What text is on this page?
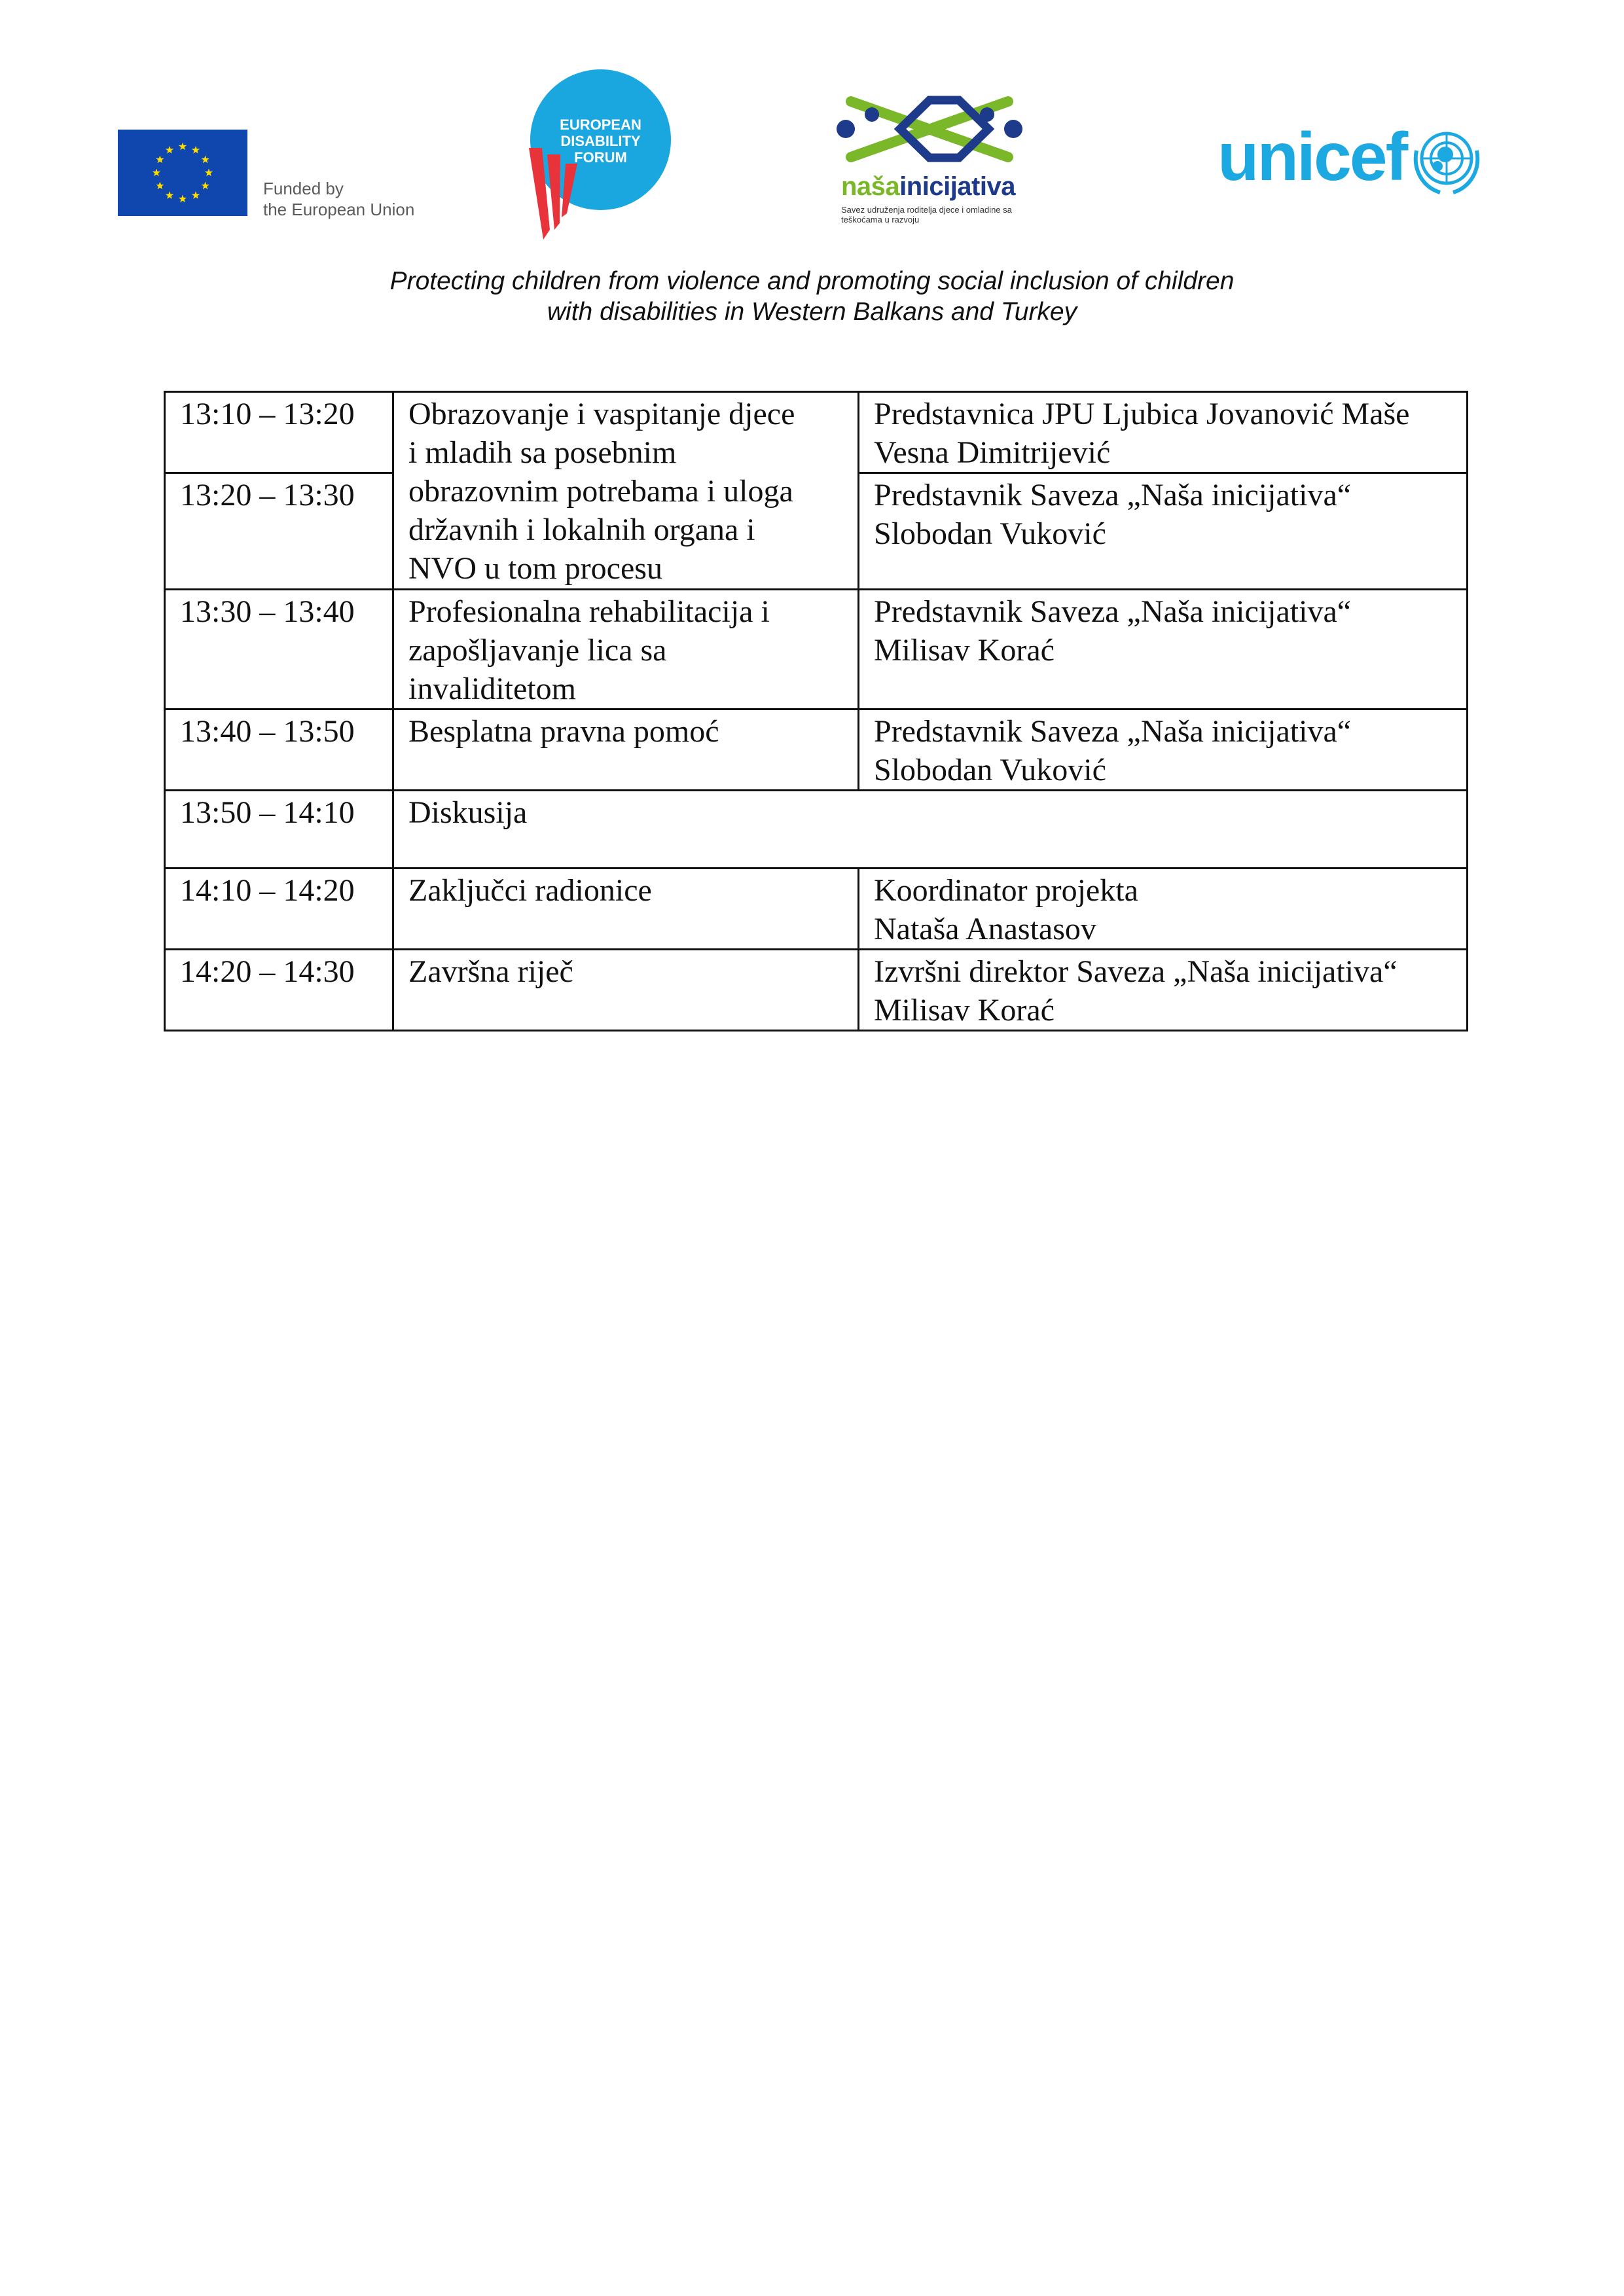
Funded by
the European Union
EUROPEAN
DISABILITY
FORUM
našainicijativa
Savez udruženja roditelja djece i omladine sa
teškoćama u razvoju
unicef
Protecting children from violence and promoting social inclusion of children
with disabilities in Western Balkans and Turkey
13:10 – 13:20	Obrazovanje i vaspitanje djece
i mladih sa posebnim
obrazovnim potrebama i uloga
državnih i lokalnih organa i
NVO u tom procesu	Predstavnica JPU Ljubica Jovanović Maše
Vesna Dimitrijević

13:20 – 13:30		Predstavnik Saveza „Naša inicijativa“
Slobodan Vuković

13:30 – 13:40	Profesionalna rehabilitacija i
zapošljavanje lica sa
invaliditetom	Predstavnik Saveza „Naša inicijativa“
Milisav Korać

13:40 – 13:50	Besplatna pravna pomoć	Predstavnik Saveza „Naša inicijativa“
Slobodan Vuković

13:50 – 14:10	Diskusija	

14:10 – 14:20	Zaključci radionice	Koordinator projekta
Nataša Anastasov

14:20 – 14:30	Završna riječ	Izvršni direktor Saveza „Naša inicijativa“
Milisav Korać
